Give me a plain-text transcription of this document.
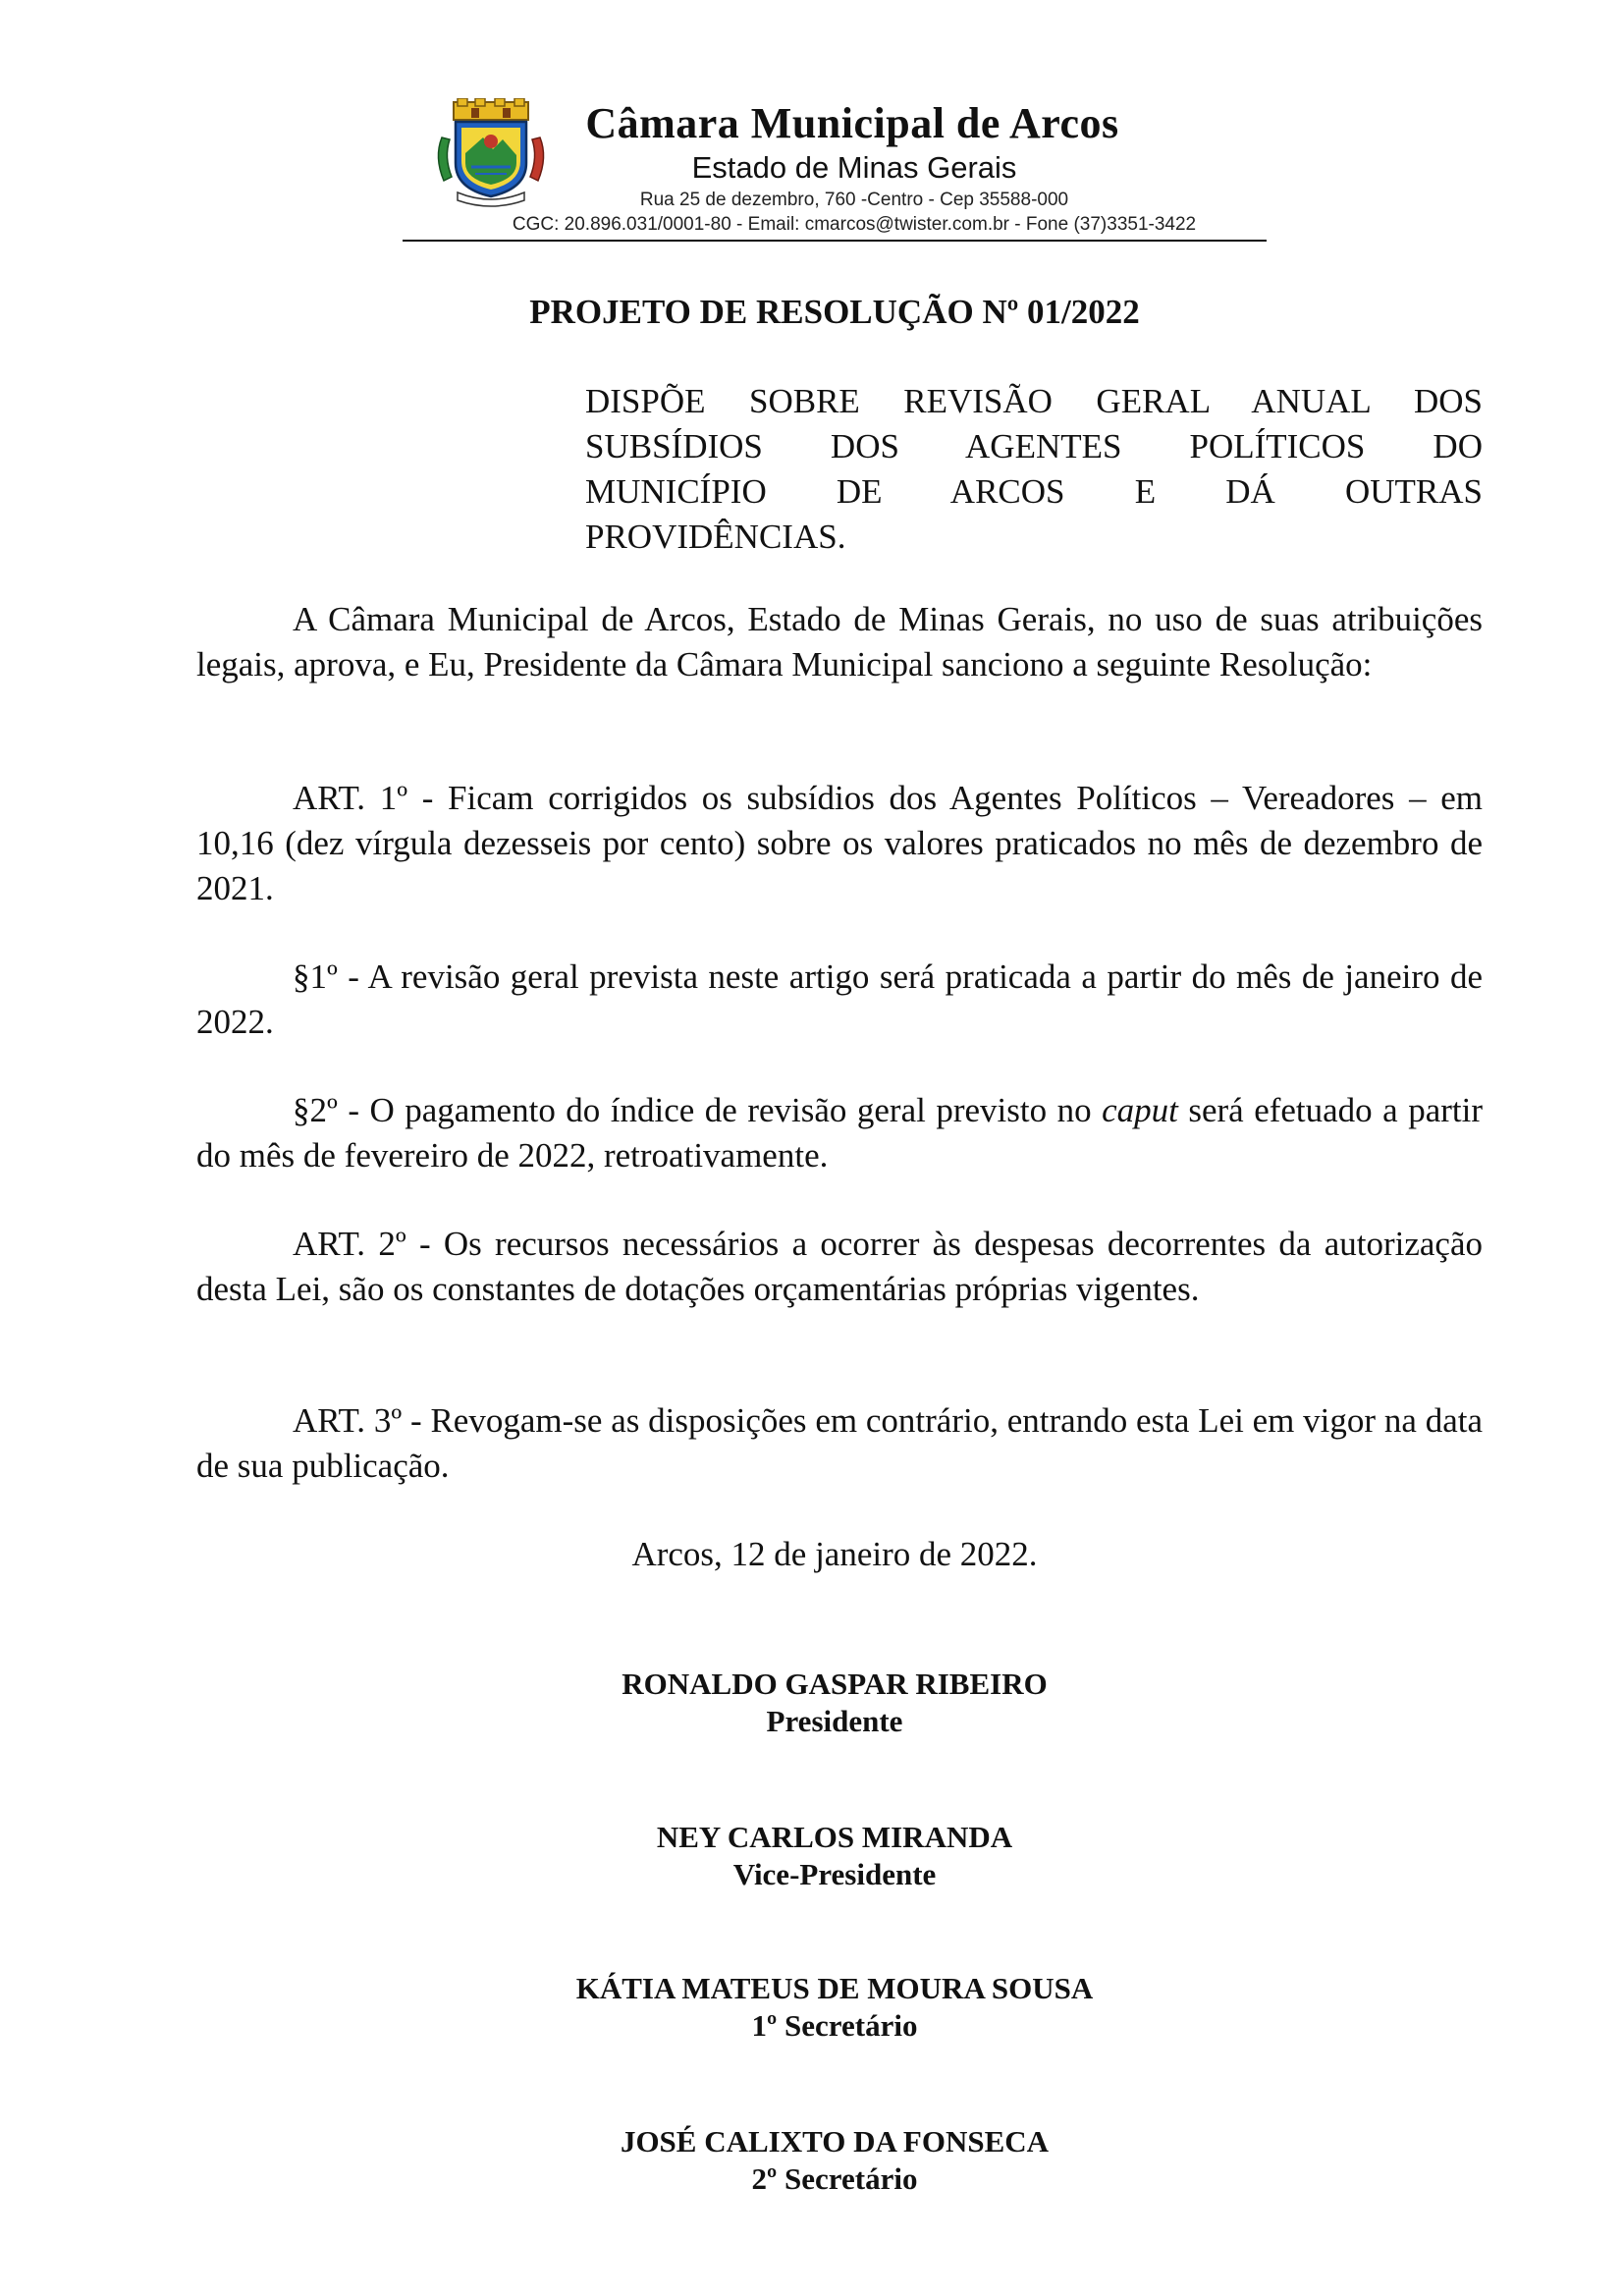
Câmara Municipal de Arcos
Estado de Minas Gerais
Rua 25 de dezembro, 760 -Centro - Cep 35588-000
CGC: 20.896.031/0001-80 - Email: cmarcos@twister.com.br - Fone (37)3351-3422
PROJETO DE RESOLUÇÃO Nº 01/2022
DISPÕE SOBRE REVISÃO GERAL ANUAL DOS
SUBSÍDIOS DOS AGENTES POLÍTICOS DO
MUNICÍPIO DE ARCOS E DÁ OUTRAS
PROVIDÊNCIAS.
A Câmara Municipal de Arcos, Estado de Minas Gerais, no uso de suas atribuições legais, aprova, e Eu, Presidente da Câmara Municipal sanciono a seguinte Resolução:
ART. 1º - Ficam corrigidos os subsídios dos Agentes Políticos – Vereadores – em 10,16 (dez vírgula dezesseis por cento) sobre os valores praticados no mês de dezembro de 2021.
§1º - A revisão geral prevista neste artigo será praticada a partir do mês de janeiro de 2022.
§2º - O pagamento do índice de revisão geral previsto no caput será efetuado a partir do mês de fevereiro de 2022, retroativamente.
ART. 2º - Os recursos necessários a ocorrer às despesas decorrentes da autorização desta Lei, são os constantes de dotações orçamentárias próprias vigentes.
ART. 3º - Revogam-se as disposições em contrário, entrando esta Lei em vigor na data de sua publicação.
Arcos, 12 de janeiro de 2022.
RONALDO GASPAR RIBEIRO
Presidente
NEY CARLOS MIRANDA
Vice-Presidente
KÁTIA MATEUS DE MOURA SOUSA
1º Secretário
JOSÉ CALIXTO DA FONSECA
2º Secretário
